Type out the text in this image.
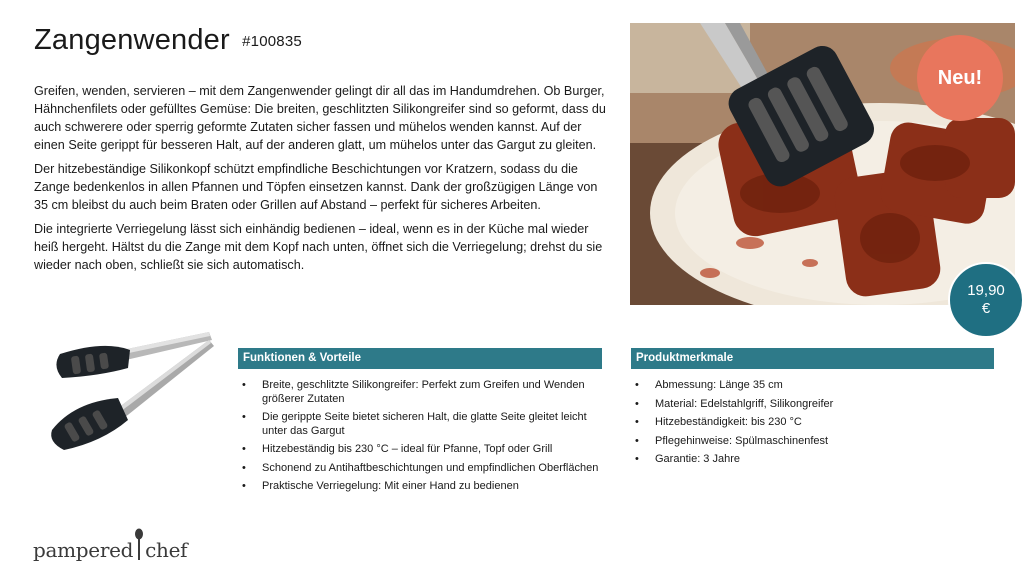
Zangenwender #100835

Greifen, wenden, servieren – mit dem Zangenwender gelingt dir all das im Handumdrehen. Ob Burger, Hähnchenfilets oder gefülltes Gemüse: Die breiten, geschlitzten Silikongreifer sind so geformt, dass du auch schwerere oder sperrig geformte Zutaten sicher fassen und mühelos wenden kannst. Auf der einen Seite gerippt für besseren Halt, auf der anderen glatt, um mühelos unter das Gargut zu gleiten.

Der hitzebeständige Silikonkopf schützt empfindliche Beschichtungen vor Kratzern, sodass du die Zange bedenkenlos in allen Pfannen und Töpfen einsetzen kannst. Dank der großzügigen Länge von 35 cm bleibst du auch beim Braten oder Grillen auf Abstand – perfekt für sicheres Arbeiten.

Die integrierte Verriegelung lässt sich einhändig bedienen – ideal, wenn es in der Küche mal wieder heiß hergeht. Hältst du die Zange mit dem Kopf nach unten, öffnet sich die Verriegelung; drehst du sie wieder nach oben, schließt sie sich automatisch.

Neu!
19,90
€
Funktionen & Vorteile
• Breite, geschlitzte Silikongreifer: Perfekt zum Greifen und Wenden größerer Zutaten
• Die gerippte Seite bietet sicheren Halt, die glatte Seite gleitet leicht unter das Gargut
• Hitzebeständig bis 230 °C – ideal für Pfanne, Topf oder Grill
• Schonend zu Antihaftbeschichtungen und empfindlichen Oberflächen
• Praktische Verriegelung: Mit einer Hand zu bedienen
Produktmerkmale
• Abmessung: Länge 35 cm
• Material: Edelstahlgriff, Silikongreifer
• Hitzebeständigkeit: bis 230 °C
• Pflegehinweise: Spülmaschinenfest
• Garantie: 3 Jahre
pampered chef
